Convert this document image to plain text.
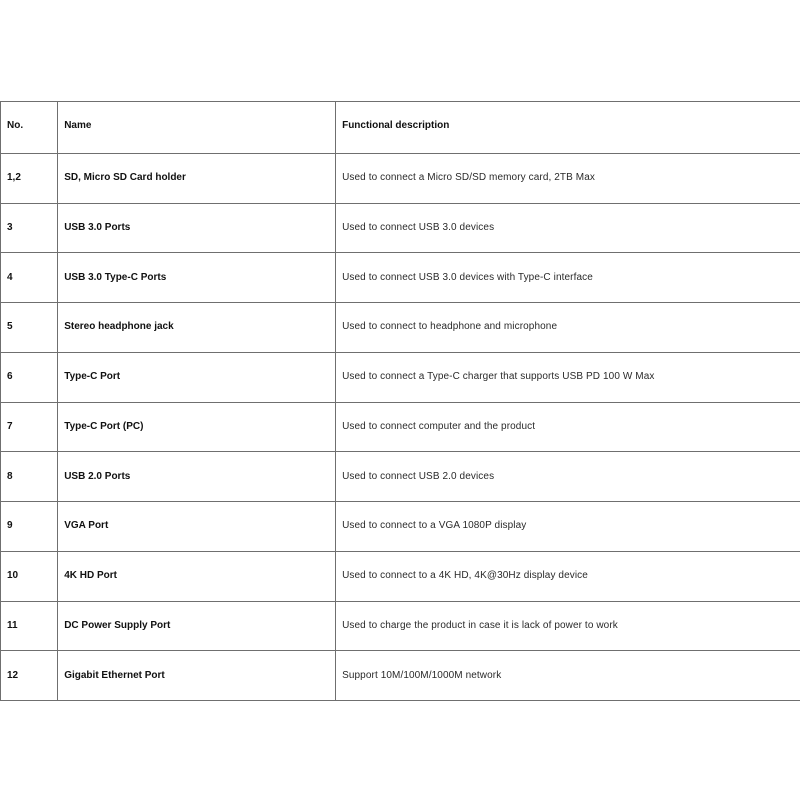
No.	Name	Functional description
1,2	SD, Micro SD Card holder	Used to connect a Micro SD/SD memory card, 2TB Max
3	USB 3.0 Ports	Used to connect USB 3.0 devices
4	USB 3.0 Type-C Ports	Used to connect USB 3.0 devices with Type-C interface
5	Stereo headphone jack	Used to connect to headphone and microphone
6	Type-C Port	Used to connect a Type-C charger that supports USB PD 100 W Max
7	Type-C Port (PC)	Used to connect computer and the product
8	USB 2.0 Ports	Used to connect USB 2.0 devices
9	VGA Port	Used to connect to a VGA 1080P display
10	4K HD Port	Used to connect to a 4K HD, 4K@30Hz display device
11	DC Power Supply Port	Used to charge the product in case it is lack of power to work
12	Gigabit Ethernet Port	Support 10M/100M/1000M network
